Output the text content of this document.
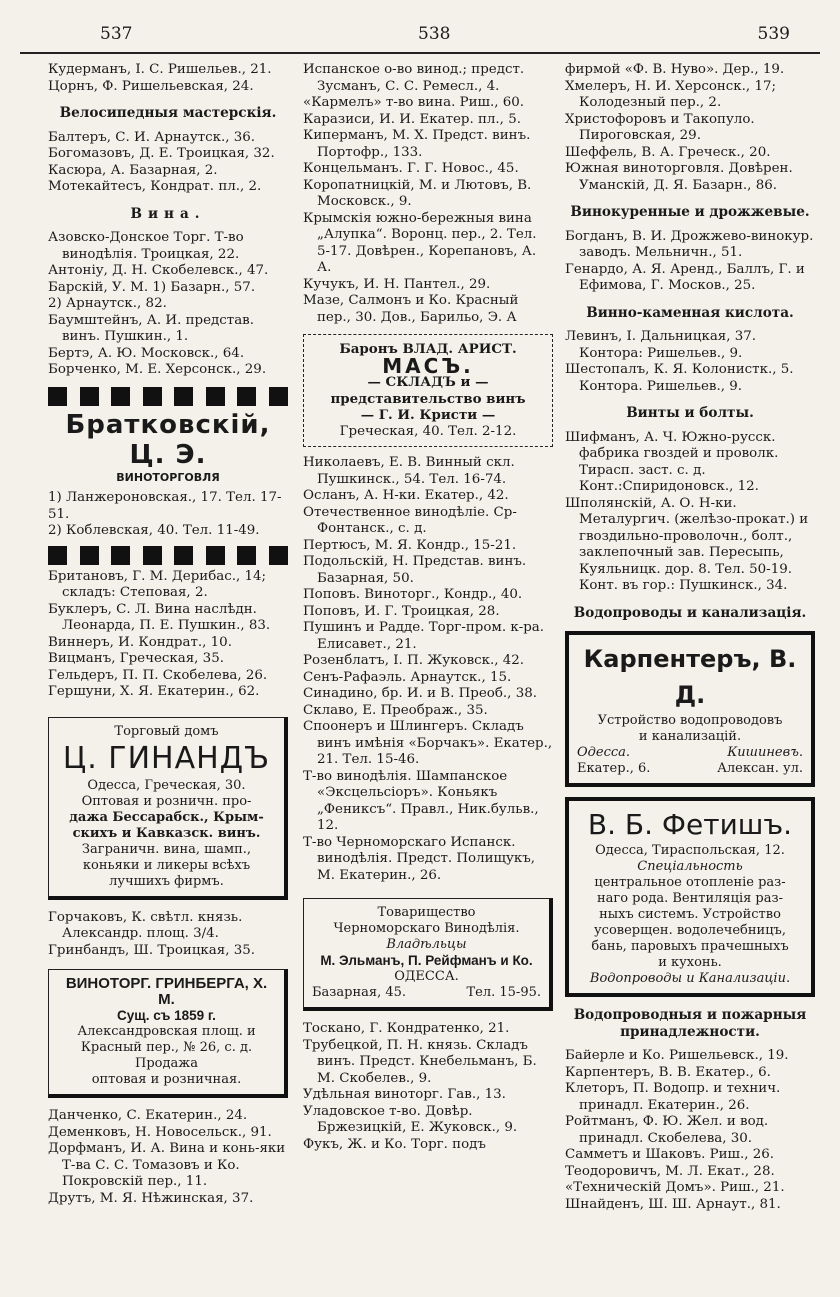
537	538	539
Кудерманъ, I. С. Ришельев., 21.
Цорнъ, Ф. Ришельевская, 24.
Велосипедныя мастерскія.
Балтеръ, С. И. Арнаутск., 36.
Богомазовъ, Д. Е. Троицкая, 32.
Касюра, А. Базарная, 2.
Мотекайтесъ, Кондрат. пл., 2.
Вина.
Азовско-Донское Торг. Т-во винодѣлія. Троицкая, 22.
Антоніу, Д. Н. Скобелевск., 47.
Барскій, У. М. 1) Базарн., 57.
2) Арнаутск., 82.
Баумштейнъ, А. И. представ. винъ. Пушкин., 1.
Бертэ, А. Ю. Московск., 64.
Борченко, М. Е. Херсонск., 29.
Братковскій, Ц. Э.
ВИНОТОРГОВЛЯ
1) Ланжероновская., 17. Тел. 17-51.
2) Коблевская, 40. Тел. 11-49.
Британовъ, Г. М. Дерибас., 14; складъ: Степовая, 2.
Буклеръ, С. Л. Вина наслѣдн. Леонарда, П. Е. Пушкин., 83.
Виннеръ, И. Кондрат., 10.
Вицманъ, Греческая, 35.
Гельдеръ, П. П. Скобелева, 26.
Гершуни, Х. Я. Екатерин., 62.
Торговый домъ
Ц. ГИНАНДЪ
Одесса, Греческая, 30.
Оптовая и розничн. про-
дажа Бессарабск., Крым-
скихъ и Кавказск. винъ.
Заграничн. вина, шамп.,
коньяки и ликеры всѣхъ
лучшихъ фирмъ.
Горчаковъ, К. свѣтл. князь. Александр. площ. 3/4.
Гринбандъ, Ш. Троицкая, 35.
ВИНОТОРГ. ГРИНБЕРГА, Х. М.
Сущ. съ 1859 г.
Александровская площ. и
Красный пер., № 26, с. д.
Продажа
оптовая и розничная.
Данченко, С. Екатерин., 24.
Деменковъ, Н. Новосельск., 91.
Дорфманъ, И. А. Вина и конь-яки Т-ва С. С. Томазовъ и Ко. Покровскій пер., 11.
Друтъ, М. Я. Нѣжинская, 37.
Испанское о-во винод.; предст. Зусманъ, С. С. Ремесл., 4.
«Кармелъ» т-во вина. Риш., 60.
Каразиси, И. И. Екатер. пл., 5.
Киперманъ, М. Х. Предст. винъ. Портофр., 133.
Концельманъ. Г. Г. Новос., 45.
Коропатницкій, М. и Лютовъ, В. Московск., 9.
Крымскія южно-бережныя вина „Алупка“. Воронц. пер., 2. Тел. 5-17. Довѣрен., Корепановъ, А. А.
Кучукъ, И. Н. Пантел., 29.
Мазе, Салмонъ и Ко. Красный пер., 30. Дов., Барильо, Э. А
Баронъ ВЛАД. АРИСТ.
МАСЪ.
— СКЛАДЪ и —
представительство винъ
— Г. И. Кристи —
Греческая, 40. Тел. 2-12.
Николаевъ, Е. В. Винный скл. Пушкинск., 54. Тел. 16-74.
Осланъ, А. Н-ки. Екатер., 42.
Отечественное винодѣліе. Ср-Фонтанск., с. д.
Пертюсъ, М. Я. Кондр., 15-21.
Подольскій, Н. Представ. винъ. Базарная, 50.
Поповъ. Виноторг., Кондр., 40.
Поповъ, И. Г. Троицкая, 28.
Пушинъ и Радде. Торг-пром. к-ра. Елисавет., 21.
Розенблатъ, I. П. Жуковск., 42.
Сенъ-Рафаэль. Арнаутск., 15.
Синадино, бр. И. и В. Преоб., 38.
Склаво, Е. Преображ., 35.
Споонеръ и Шлингеръ. Складъ винъ имѣнія «Борчакъ». Екатер., 21. Тел. 15-46.
Т-во винодѣлія. Шампанское «Эксцельсіоръ». Коньякъ „Фениксъ“. Правл., Ник.бульв., 12.
Т-во Черноморскаго Испанск. винодѣлія. Предст. Полищукъ, М. Екатерин., 26.
Товарищество
Черноморскаго Винодѣлія.
Владѣльцы
М. Эльманъ, П. Рейфманъ и Ко.
ОДЕССА.
Базарная, 45.	Тел. 15-95.
Тоскано, Г. Кондратенко, 21.
Трубецкой, П. Н. князь. Складъ винъ. Предст. Кнебельманъ, Б. М. Скобелев., 9.
Удѣльная виноторг. Гав., 13.
Уладовское т-во. Довѣр. Бржезицкій, Е. Жуковск., 9.
Фукъ, Ж. и Ко. Торг. подъ
фирмой «Ф. В. Нуво». Дер., 19.
Хмелеръ, Н. И. Херсонск., 17; Колодезный пер., 2.
Христофоровъ и Такопуло. Пироговская, 29.
Шеффель, В. А. Греческ., 20.
Южная виноторговля. Довѣрен. Уманскій, Д. Я. Базарн., 86.
Винокуренные и дрожжевые.
Богданъ, В. И. Дрожжево-винокур. заводъ. Мельничн., 51.
Генардо, А. Я. Аренд., Баллъ, Г. и Ефимова, Г. Москов., 25.
Винно-каменная кислота.
Левинъ, I. Дальницкая, 37. Контора: Ришельев., 9.
Шестопалъ, К. Я. Колонистк., 5. Контора. Ришельев., 9.
Винты и болты.
Шифманъ, А. Ч. Южно-русск. фабрика гвоздей и проволк. Тирасп. заст. с. д. Конт.:Спиридоновск., 12.
Шполянскій, А. О. Н-ки. Металургич. (желѣзо-прокат.) и гвоздильно-проволочн., болт., заклепочный зав. Пересыпь, Куяльницк. дор. 8. Тел. 50-19. Конт. въ гор.: Пушкинск., 34.
Водопроводы и канализація.
Карпентеръ, В. Д.
Устройство водопроводовъ
и канализацій.
Одесса.	Кишиневъ.
Екатер., 6.	Алексан. ул.
В. Б. Фетишъ.
Одесса, Тираспольская, 12.
Спеціальность
центральное отопленіе раз-
наго рода. Вентиляція раз-
ныхъ системъ. Устройство
усоверщен. водолечебницъ,
бань, паровыхъ прачешныхъ
и кухонь.
Водопроводы и Канализаціи.
Водопроводныя и пожарныя принадлежности.
Байерле и Ко. Ришельевск., 19.
Карпентеръ, В. В. Екатер., 6.
Клеторъ, П. Водопр. и технич. принадл. Екатерин., 26.
Ройтманъ, Ф. Ю. Жел. и вод. принадл. Скобелева, 30.
Самметъ и Шаковъ. Риш., 26.
Теодоровичъ, М. Л. Екат., 28.
«Техническій Домъ». Риш., 21.
Шнайденъ, Ш. Ш. Арнаут., 81.
